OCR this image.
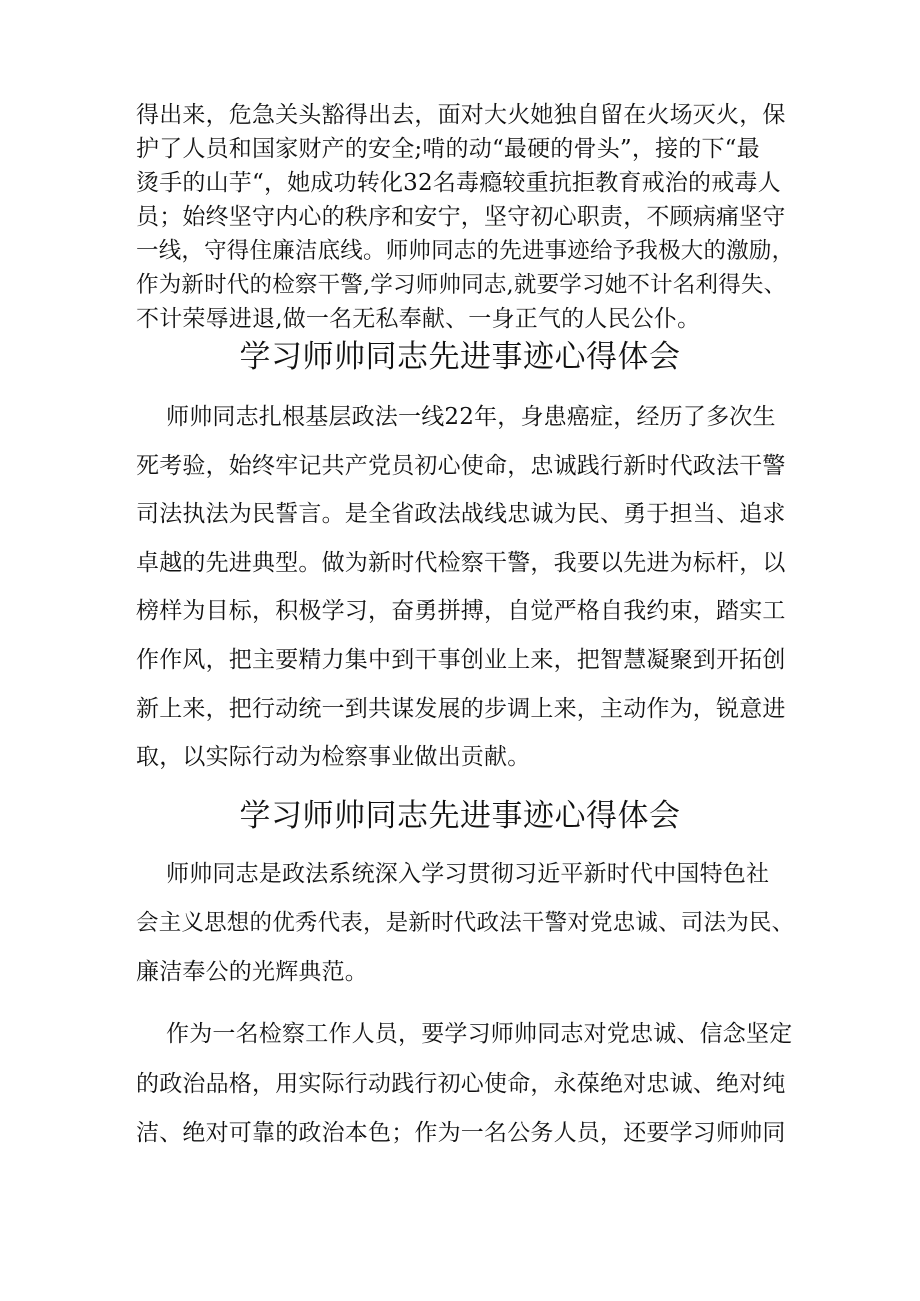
得出来，危急关头豁得出去，面对大火她独自留在火场灭火，保
护了人员和国家财产的安全;啃的动“最硬的骨头”，接的下“最
烫手的山芋“，她成功转化32名毒瘾较重抗拒教育戒治的戒毒人
员；始终坚守内心的秩序和安宁，坚守初心职责，不顾病痛坚守
一线，守得住廉洁底线。师帅同志的先进事迹给予我极大的激励，
作为新时代的检察干警,学习师帅同志,就要学习她不计名利得失、
不计荣辱进退,做一名无私奉献、一身正气的人民公仆。
学习师帅同志先进事迹心得体会
师帅同志扎根基层政法一线22年，身患癌症，经历了多次生
死考验，始终牢记共产党员初心使命，忠诚践行新时代政法干警
司法执法为民誓言。是全省政法战线忠诚为民、勇于担当、追求
卓越的先进典型。做为新时代检察干警，我要以先进为标杆，以
榜样为目标，积极学习，奋勇拼搏，自觉严格自我约束，踏实工
作作风，把主要精力集中到干事创业上来，把智慧凝聚到开拓创
新上来，把行动统一到共谋发展的步调上来，主动作为，锐意进
取，以实际行动为检察事业做出贡献。
学习师帅同志先进事迹心得体会
师帅同志是政法系统深入学习贯彻习近平新时代中国特色社
会主义思想的优秀代表，是新时代政法干警对党忠诚、司法为民、
廉洁奉公的光辉典范。
作为一名检察工作人员，要学习师帅同志对党忠诚、信念坚定
的政治品格，用实际行动践行初心使命，永葆绝对忠诚、绝对纯
洁、绝对可靠的政治本色；作为一名公务人员，还要学习师帅同
